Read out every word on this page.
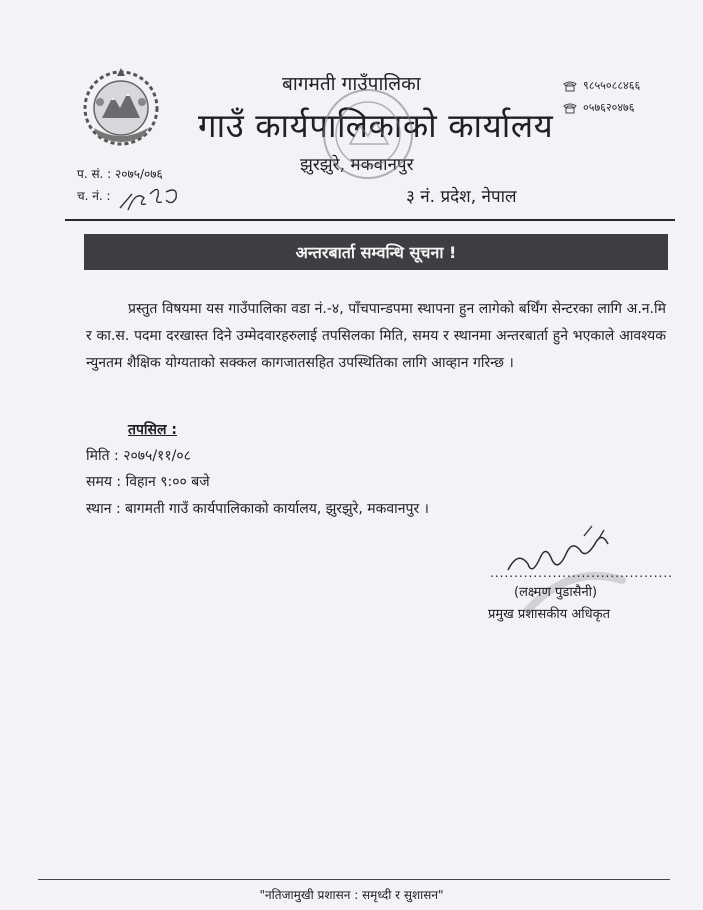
बागमती गाउँपालिका
गाउँ कार्यपालिकाको कार्यालय
झुरझुरे, मकवानपुर
९८५५०८८४६६
०५७६२०४७६
प. सं. : २०७५/०७६
च. नं. :	३ नं. प्रदेश, नेपाल
अन्तरबार्ता सम्वन्धि सूचना !
प्रस्तुत विषयमा यस गाउँपालिका वडा नं.-४, पाँचपान्डपमा स्थापना हुन लागेको बर्थिंग सेन्टरका लागि अ.न.मि र का.स. पदमा दरखास्त दिने उम्मेदवारहरुलाई तपसिलका मिति, समय र स्थानमा अन्तरबार्ता हुने भएकाले आवश्यक न्युनतम शैक्षिक योग्यताको सक्कल कागजातसहित उपस्थितिका लागि आव्हान गरिन्छ ।
तपसिल :
मिति : २०७५/११/०८
समय : विहान ९:०० बजे
स्थान : बागमती गाउँ कार्यपालिकाको कार्यालय, झुरझुरे, मकवानपुर ।
......................................
(लक्ष्मण पुडासैनी)
प्रमुख प्रशासकीय अधिकृत
"नतिजामुखी प्रशासन : समृध्दी र सुशासन"
